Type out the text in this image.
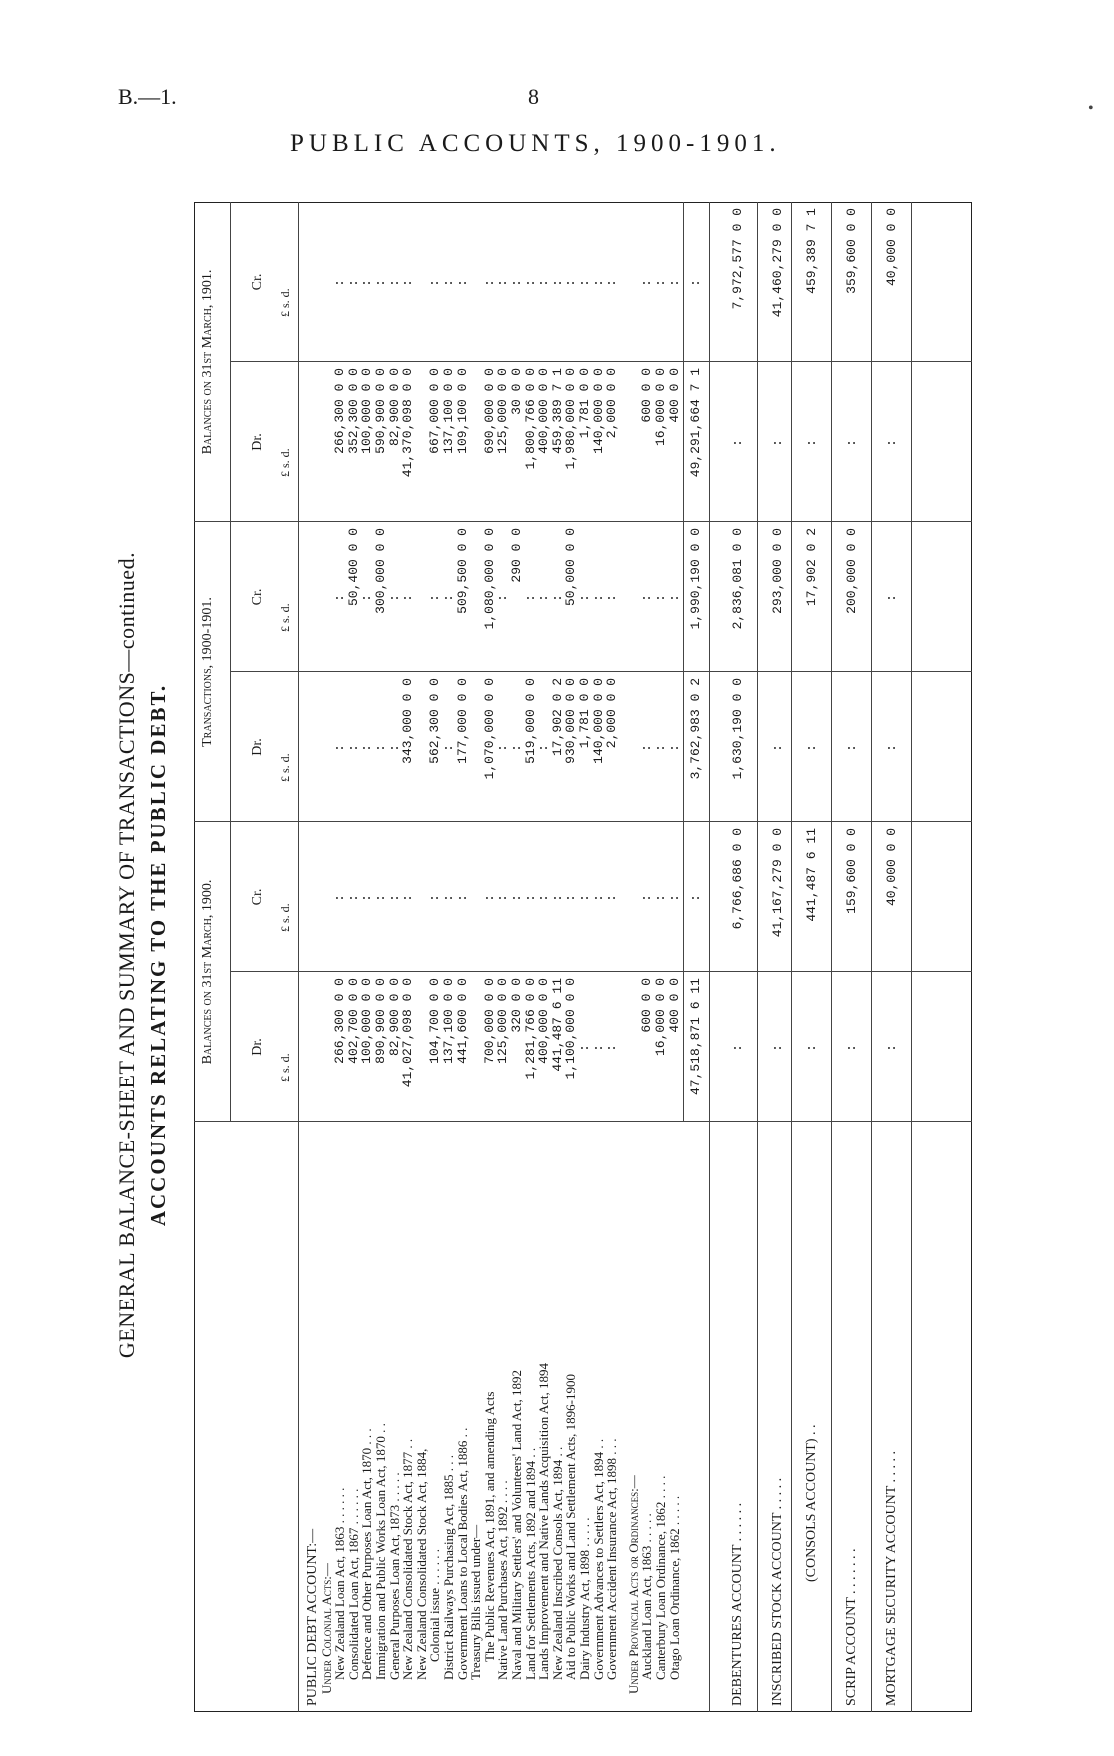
B.—1.	8
PUBLIC ACCOUNTS, 1900-1901.
GENERAL BALANCE-SHEET AND SUMMARY OF TRANSACTIONS—continued. ACCOUNTS RELATING TO THE PUBLIC DEBT. Balances on 31st March, 1900.
Transactions, 1900-1901.
Balances on 31st March, 1901.
Dr.
Cr.
Dr.
Cr.
Dr.
Cr.
£ s. d.
£ s. d.
£ s. d.
£ s. d.
£ s. d.
£ s. d.
PUBLIC DEBT ACCOUNT:—
Under Colonial Acts:—
New Zealand Loan Act, 1863 . . . . . .
266,300 0 0
:
:
:
266,300 0 0
:
Consolidated Loan Act, 1867 . . . . . .
402,700 0 0
:
:
50,400 0 0
352,300 0 0
:
Defence and Other Purposes Loan Act, 1870 . . .
100,000 0 0
:
:
:
100,000 0 0
:
Immigration and Public Works Loan Act, 1870 . .
890,900 0 0
:
:
300,000 0 0
590,900 0 0
:
General Purposes Loan Act, 1873 . . . . .
82,900 0 0
:
:
:
82,900 0 0
:
New Zealand Consolidated Stock Act, 1877 . .
41,027,098 0 0
:
343,000 0 0
:
41,370,098 0 0
:
New Zealand Consolidated Stock Act, 1884,
Colonial issue . . . . . .
104,700 0 0
:
562,300 0 0
:
667,000 0 0
:
District Railways Purchasing Act, 1885 . . .
137,100 0 0
:
:
:
137,100 0 0
:
Government Loans to Local Bodies Act, 1886 . .
441,600 0 0
:
177,000 0 0
509,500 0 0
109,100 0 0
:
Treasury Bills issued under—
The Public Revenues Act, 1891, and amending Acts
700,000 0 0
:
1,070,000 0 0
1,080,000 0 0
690,000 0 0
:
Native Land Purchases Act, 1892 . . . .
125,000 0 0
:
:
:
125,000 0 0
:
Naval and Military Settlers' and Volunteers' Land Act, 1892
320 0 0
:
:
290 0 0
30 0 0
:
Land for Settlements Acts, 1892 and 1894 . .
1,281,766 0 0
:
519,000 0 0
:
1,800,766 0 0
:
Lands Improvement and Native Lands Acquisition Act, 1894
400,000 0 0
:
:
:
400,000 0 0
:
New Zealand Inscribed Consols Act, 1894 . .
441,487 6 11
:
17,902 0 2
:
459,389 7 1
:
Aid to Public Works and Land Settlement Acts, 1896-1900
1,100,000 0 0
:
930,000 0 0
50,000 0 0
1,980,000 0 0
:
Dairy Industry Act, 1898 . . . . .
:
:
1,781 0 0
:
1,781 0 0
:
Government Advances to Settlers Act, 1894 . .
:
:
140,000 0 0
:
140,000 0 0
:
Government Accident Insurance Act, 1898 . . .
:
:
2,000 0 0
:
2,000 0 0
:
Under Provincial Acts or Ordinances:—
Auckland Loan Act, 1863 . . . . .
600 0 0
:
:
:
600 0 0
:
Canterbury Loan Ordinance, 1862 . . . .
16,000 0 0
:
:
:
16,000 0 0
:
Otago Loan Ordinance, 1862 . . . . .
400 0 0
:
:
:
400 0 0
:
47,518,871 6 11
:
3,762,983 0 2
1,990,190 0 0
49,291,664 7 1
:
DEBENTURES ACCOUNT . . . . . .
:
6,766,686 0 0
1,630,190 0 0
2,836,081 0 0
:
7,972,577 0 0
INSCRIBED STOCK ACCOUNT . . . . .
:
41,167,279 0 0
:
293,000 0 0
:
41,460,279 0 0
(CONSOLS ACCOUNT) . .
:
441,487 6 11
:
17,902 0 2
:
459,389 7 1
SCRIP ACCOUNT . . . . . . .
:
159,600 0 0
:
200,000 0 0
:
359,600 0 0
MORTGAGE SECURITY ACCOUNT . . . . .
:
40,000 0 0
:
:
:
40,000 0 0
•
